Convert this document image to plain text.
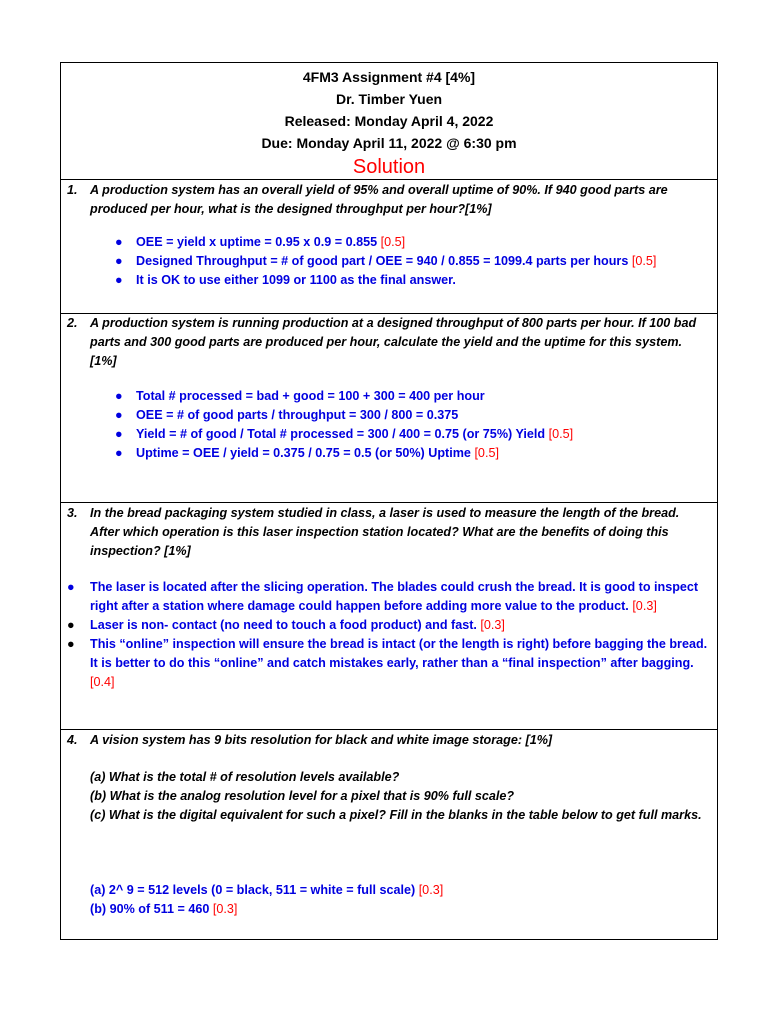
4FM3 Assignment #4 [4%]
Dr. Timber Yuen
Released: Monday April 4, 2022
Due: Monday April 11, 2022 @ 6:30 pm
Solution
1. A production system has an overall yield of 95% and overall uptime of 90%. If 940 good parts are produced per hour, what is the designed throughput per hour?[1%]
● OEE = yield x uptime = 0.95 x 0.9 = 0.855 [0.5]
● Designed Throughput = # of good part / OEE = 940 / 0.855 = 1099.4 parts per hours [0.5]
● It is OK to use either 1099 or 1100 as the final answer.
2. A production system is running production at a designed throughput of 800 parts per hour. If 100 bad parts and 300 good parts are produced per hour, calculate the yield and the uptime for this system. [1%]
● Total # processed = bad + good = 100 + 300 = 400 per hour
● OEE = # of good parts / throughput = 300 / 800 = 0.375
● Yield = # of good / Total # processed = 300 / 400 = 0.75 (or 75%) Yield [0.5]
● Uptime = OEE / yield = 0.375 / 0.75 = 0.5 (or 50%) Uptime [0.5]
3. In the bread packaging system studied in class, a laser is used to measure the length of the bread. After which operation is this laser inspection station located? What are the benefits of doing this inspection? [1%]
● The laser is located after the slicing operation. The blades could crush the bread. It is good to inspect right after a station where damage could happen before adding more value to the product. [0.3]
● Laser is non- contact (no need to touch a food product) and fast. [0.3]
● This “online” inspection will ensure the bread is intact (or the length is right) before bagging the bread. It is better to do this “online” and catch mistakes early, rather than a “final inspection” after bagging. [0.4]
4. A vision system has 9 bits resolution for black and white image storage: [1%]
(a) What is the total # of resolution levels available?
(b) What is the analog resolution level for a pixel that is 90% full scale?
(c) What is the digital equivalent for such a pixel? Fill in the blanks in the table below to get full marks.
(a) 2^ 9 = 512 levels (0 = black, 511 = white = full scale) [0.3]
(b) 90% of 511 = 460 [0.3]
